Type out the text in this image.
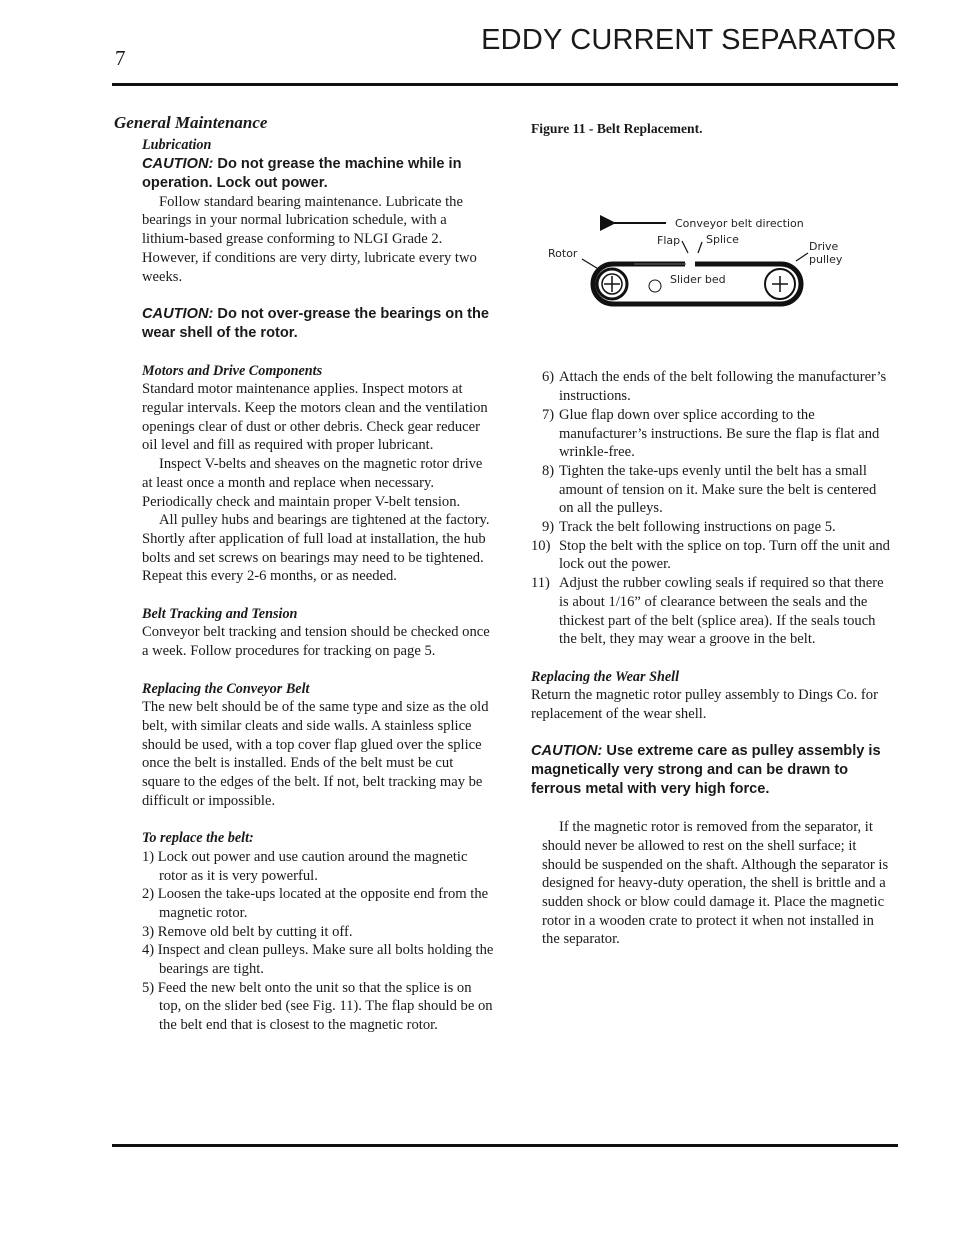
7
EDDY CURRENT SEPARATOR
General Maintenance

Lubrication

CAUTION: Do not grease the machine while in operation. Lock out power.

Follow standard bearing maintenance. Lubricate the bearings in your normal lubrication schedule, with a lithium-based grease conforming to NLGI Grade 2. However, if conditions are very dirty, lubricate every two weeks.

CAUTION: Do not over-grease the bearings on the wear shell of the rotor.

Motors and Drive Components

Standard motor maintenance applies. Inspect motors at regular intervals. Keep the motors clean and the ventilation openings clear of dust or other debris. Check gear reducer oil level and fill as required with proper lubricant.

Inspect V-belts and sheaves on the magnetic rotor drive at least once a month and replace when necessary. Periodically check and maintain proper V-belt tension.

All pulley hubs and bearings are tightened at the factory. Shortly after application of full load at installation, the hub bolts and set screws on bearings may need to be tightened. Repeat this every 2-6 months, or as needed.

Belt Tracking and Tension

Conveyor belt tracking and tension should be checked once a week. Follow procedures for tracking on page 5.

Replacing the Conveyor Belt

The new belt should be of the same type and size as the old belt, with similar cleats and side walls. A stainless splice should be used, with a top cover flap glued over the splice once the belt is installed. Ends of the belt must be cut square to the edges of the belt. If not, belt tracking may be difficult or impossible.

To replace the belt:

1) Lock out power and use caution around the magnetic rotor as it is very powerful.
2) Loosen the take-ups located at the opposite end from the magnetic rotor.
3) Remove old belt by cutting it off.
4) Inspect and clean pulleys. Make sure all bolts holding the bearings are tight.
5) Feed the new belt onto the unit so that the splice is on top, on the slider bed (see Fig. 11). The flap should be on the belt end that is closest to the magnetic rotor.

Figure 11 - Belt Replacement.

Conveyor belt direction
Flap Splice
Rotor
Drive
pulley
Slider bed
6) Attach the ends of the belt following the manufacturer’s instructions.
7) Glue flap down over splice according to the manufacturer’s instructions. Be sure the flap is flat and wrinkle-free.
8) Tighten the take-ups evenly until the belt has a small amount of tension on it. Make sure the belt is centered on all the pulleys.
9) Track the belt following instructions on page 5.
10) Stop the belt with the splice on top. Turn off the unit and lock out the power.
11) Adjust the rubber cowling seals if required so that there is about 1/16” of clearance between the seals and the thickest part of the belt (splice area). If the seals touch the belt, they may wear a groove in the belt.

Replacing the Wear Shell

Return the magnetic rotor pulley assembly to Dings Co. for replacement of the wear shell.

CAUTION: Use extreme care as pulley assembly is magnetically very strong and can be drawn to ferrous metal with very high force.

If the magnetic rotor is removed from the separator, it should never be allowed to rest on the shell surface; it should be suspended on the shaft. Although the separator is designed for heavy-duty operation, the shell is brittle and a sudden shock or blow could damage it. Place the magnetic rotor in a wooden crate to protect it when not installed in the separator.
